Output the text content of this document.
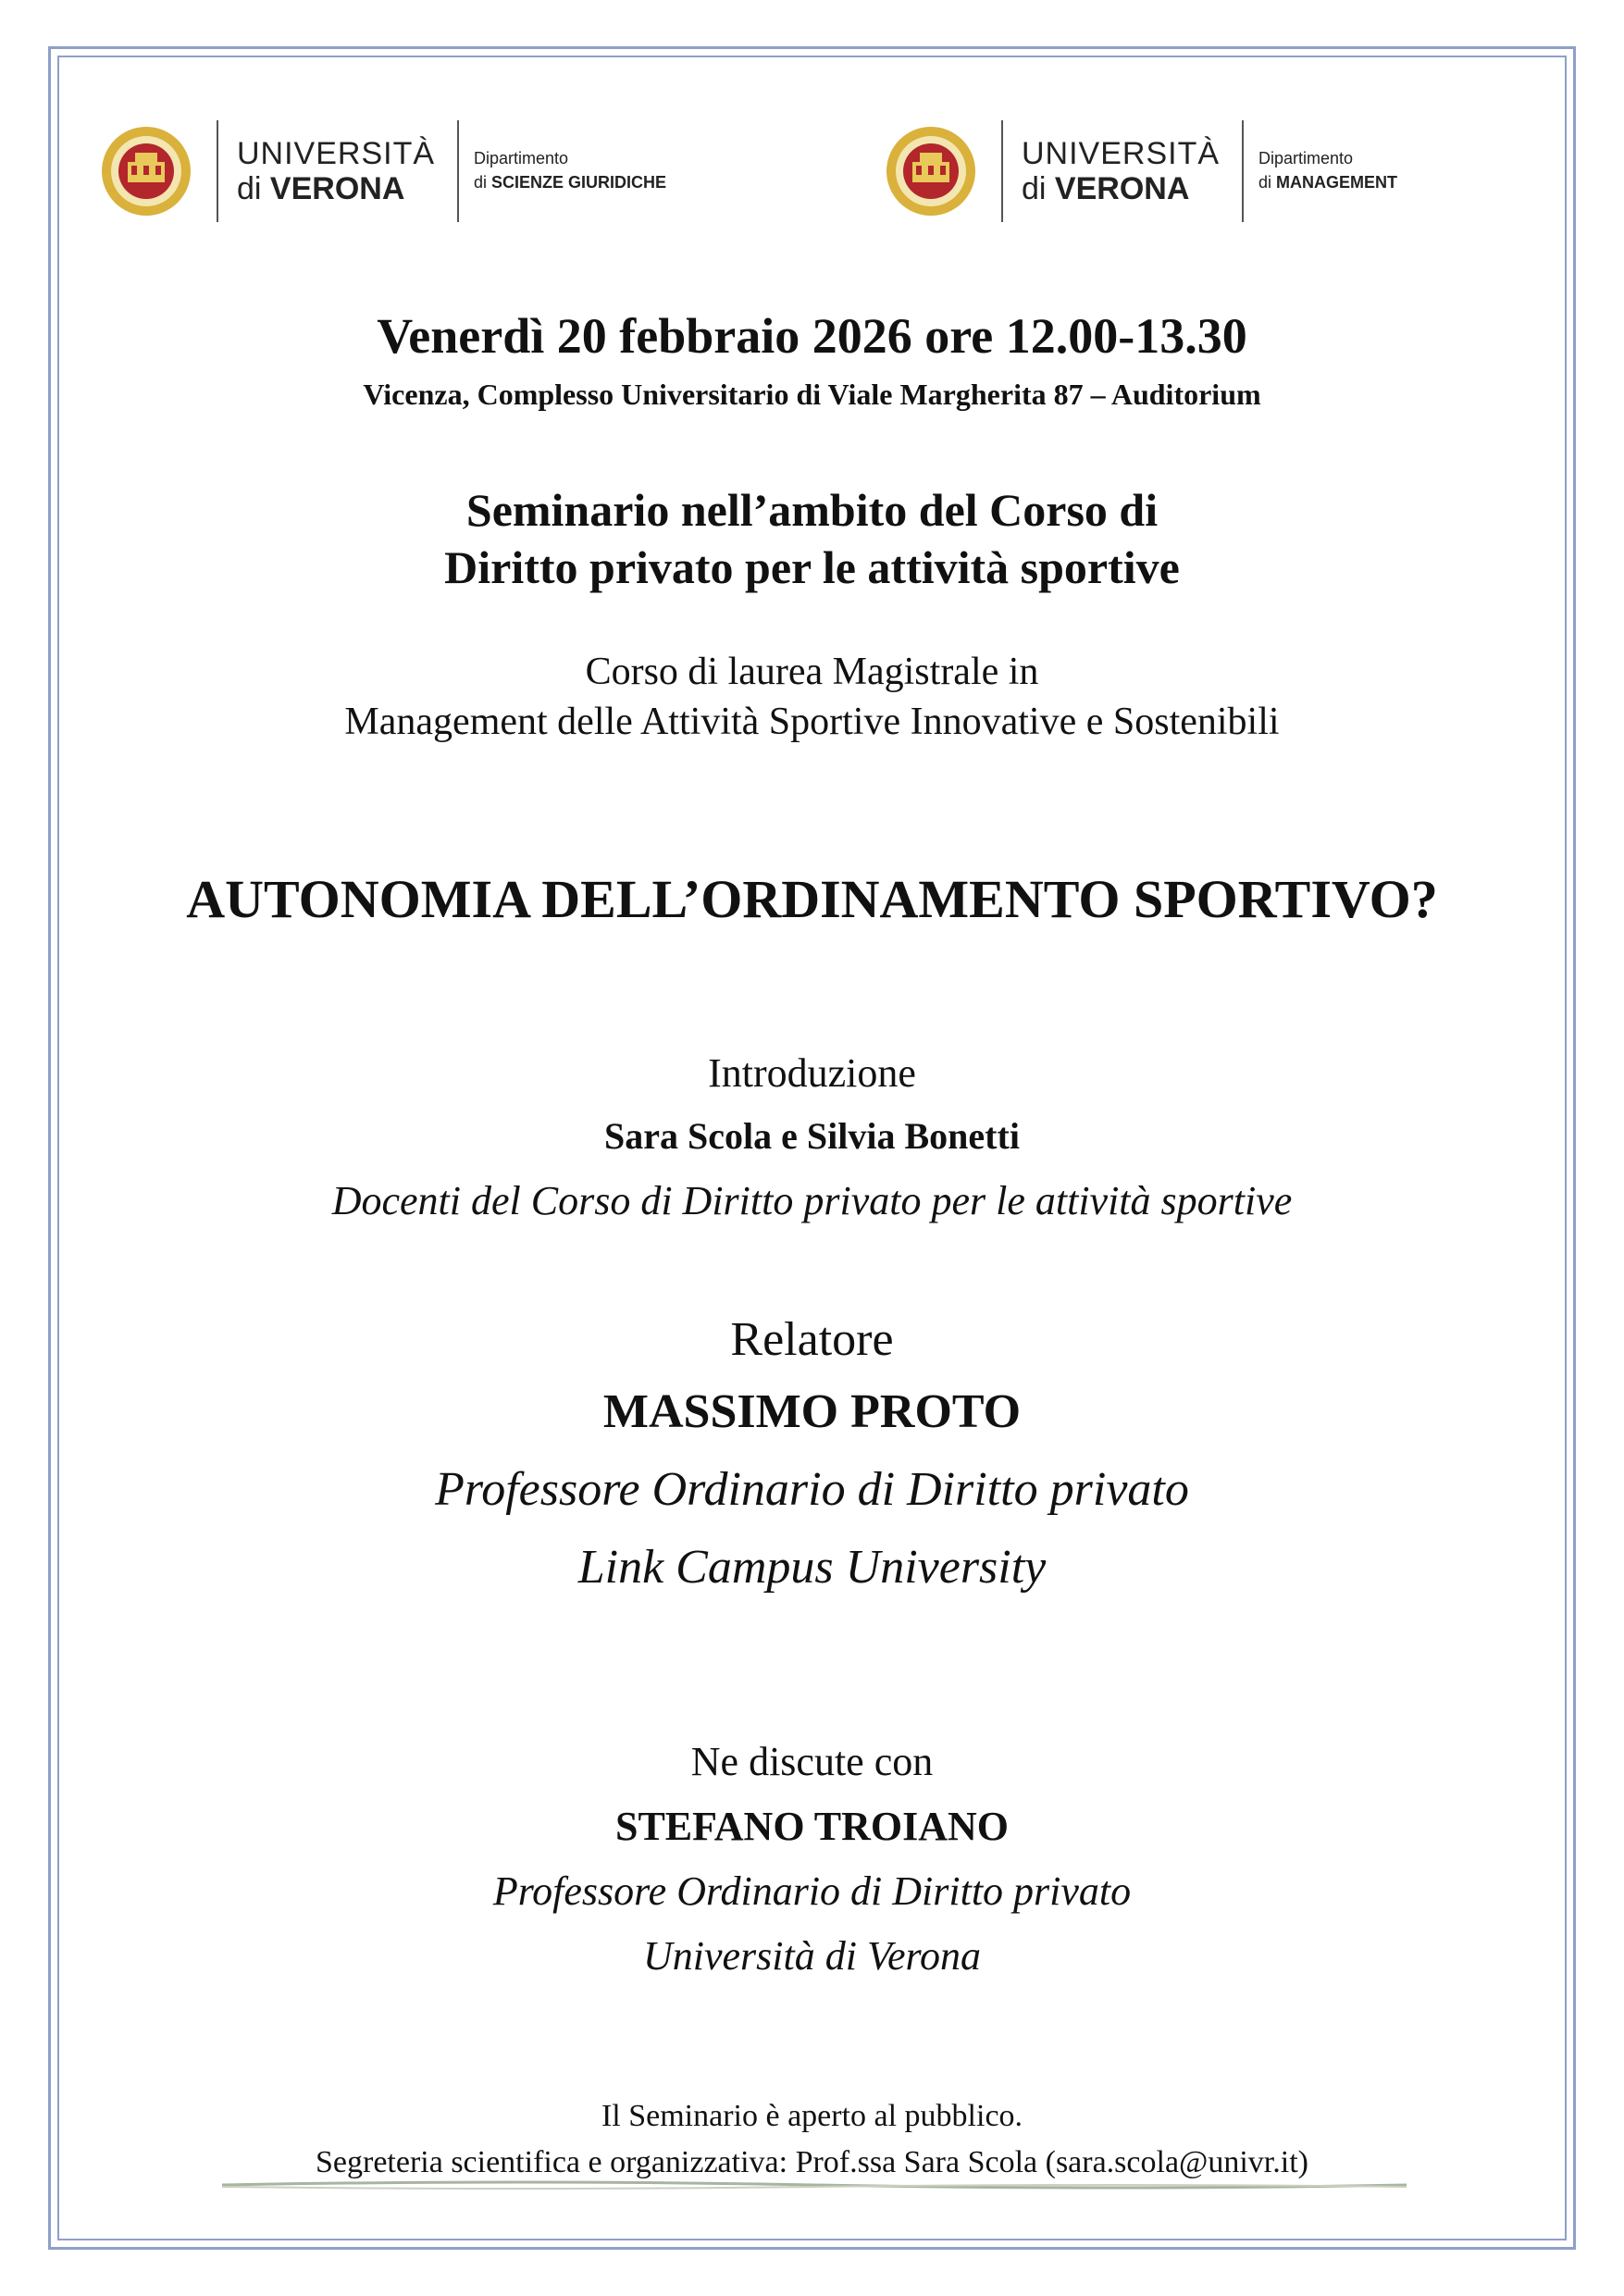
UNIVERSITÀ
di VERONA
Dipartimento
di SCIENZE GIURIDICHE
UNIVERSITÀ
di VERONA
Dipartimento
di MANAGEMENT
Venerdì 20 febbraio 2026 ore 12.00-13.30
Vicenza, Complesso Universitario di Viale Margherita 87 – Auditorium
Seminario nell’ambito del Corso di
Diritto privato per le attività sportive
Corso di laurea Magistrale in
Management delle Attività Sportive Innovative e Sostenibili
AUTONOMIA DELL’ORDINAMENTO SPORTIVO?
Introduzione
Sara Scola e Silvia Bonetti
Docenti del Corso di Diritto privato per le attività sportive
Relatore
MASSIMO PROTO
Professore Ordinario di Diritto privato
Link Campus University
Ne discute con
STEFANO TROIANO
Professore Ordinario di Diritto privato
Università di Verona
Il Seminario è aperto al pubblico.
Segreteria scientifica e organizzativa: Prof.ssa Sara Scola (sara.scola@univr.it)
